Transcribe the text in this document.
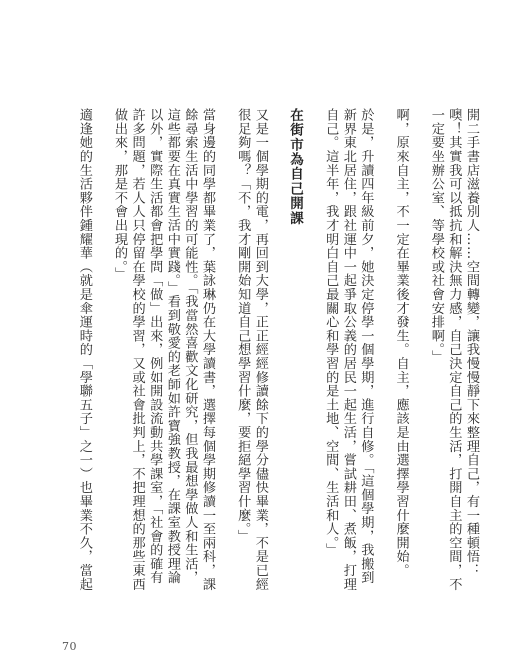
開二手書店滋養別人……空間轉變，讓我慢慢靜下來整理自己，有一種頓悟：

噢！其實我可以抵抗和解決無力感，自己決定自己的生活，打開自主的空間，不

一定要坐辦公室、等學校或社會安排啊。」

啊，原來自主，不一定在畢業後才發生。自主，應該是由選擇學習什麼開始。

於是，升讀四年級前夕，她決定停學一個學期，進行自修。「這個學期，我搬到

新界東北居住，跟社運中一起爭取公義的居民一起生活，嘗試耕田、煮飯，打理

自己。這半年，我才明白自己最關心和學習的是土地、空間、生活和人。」

在街市為自己開課

又是一個學期的電，再回到大學，正正經經修讀餘下的學分儘快畢業，不是已經

很足夠嗎？「不，我才剛開始知道自己想學習什麼，要拒絕學習什麼。」

當身邊的同學都畢業了，葉詠琳仍在大學讀書，選擇每個學期修讀一至兩科，課

餘尋索生活中學習的可能性。「我當然喜歡文化研究，但我最想學做人和生活，

這些都要在真實生活中實踐。」看到敬愛的老師如許寶強教授，在課室教授理論

以外，實際生活都會把學問「做」出來，例如開設流動共學課室，「社會的確有

許多問題，若人人只停留在學校的學習，又或社會批判上，不把理想的那些東西

做出來，那是不會出現的。」

適逢她的生活夥伴鍾耀華（就是傘運時的「學聯五子」之一）也畢業不久，當起

70
